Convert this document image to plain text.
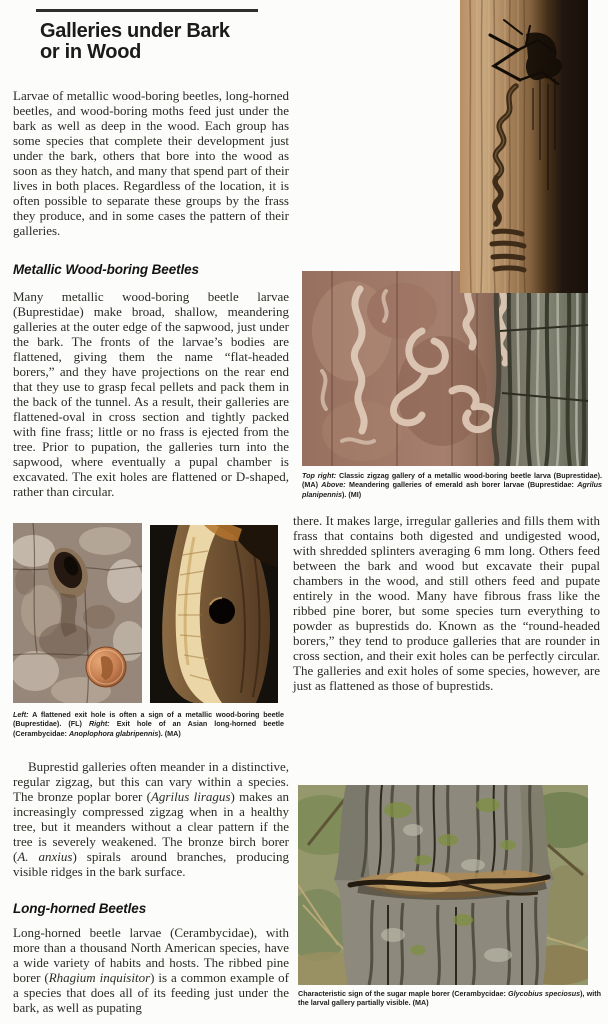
Galleries under Bark
or in Wood

Larvae of metallic wood-boring beetles, long-horned beetles, and wood-boring moths feed just under the bark as well as deep in the wood. Each group has some species that complete their development just under the bark, others that bore into the wood as soon as they hatch, and many that spend part of their lives in both places. Regardless of the location, it is often possible to separate these groups by the frass they produce, and in some cases the pattern of their galleries.

Metallic Wood-boring Beetles

Many metallic wood-boring beetle larvae (Buprestidae) make broad, shallow, meandering galleries at the outer edge of the sapwood, just under the bark. The fronts of the larvae’s bodies are flattened, giving them the name “flat-headed borers,” and they have projections on the rear end that they use to grasp fecal pellets and pack them in the back of the tunnel. As a result, their galleries are flattened-oval in cross section and tightly packed with fine frass; little or no frass is ejected from the tree. Prior to pupation, the galleries turn into the sapwood, where eventually a pupal chamber is excavated. The exit holes are flattened or D-shaped, rather than circular.

Left: A flattened exit hole is often a sign of a metallic wood-boring beetle (Buprestidae). (FL) Right: Exit hole of an Asian long-horned beetle (Cerambycidae: Anoplophora glabripennis). (MA)

Buprestid galleries often meander in a distinctive, regular zigzag, but this can vary within a species. The bronze poplar borer (Agrilus liragus) makes an increasingly compressed zigzag when in a healthy tree, but it meanders without a clear pattern if the tree is severely weakened. The bronze birch borer (A. anxius) spirals around branches, producing visible ridges in the bark surface.

Long-horned Beetles

Long-horned beetle larvae (Cerambycidae), with more than a thousand North American species, have a wide variety of habits and hosts. The ribbed pine borer (Rhagium inquisitor) is a common example of a species that does all of its feeding just under the bark, as well as pupating

Top right: Classic zigzag gallery of a metallic wood-boring beetle larva (Buprestidae). (MA) Above: Meandering galleries of emerald ash borer larvae (Buprestidae: Agrilus planipennis). (MI)

there. It makes large, irregular galleries and fills them with frass that contains both digested and undigested wood, with shredded splinters averaging 6 mm long. Others feed between the bark and wood but excavate their pupal chambers in the wood, and still others feed and pupate entirely in the wood. Many have fibrous frass like the ribbed pine borer, but some species turn everything to powder as buprestids do. Known as the “round-headed borers,” they tend to produce galleries that are rounder in cross section, and their exit holes can be perfectly circular. The galleries and exit holes of some species, however, are just as flattened as those of buprestids.

Characteristic sign of the sugar maple borer (Cerambycidae: Glycobius speciosus), with the larval gallery partially visible. (MA)
